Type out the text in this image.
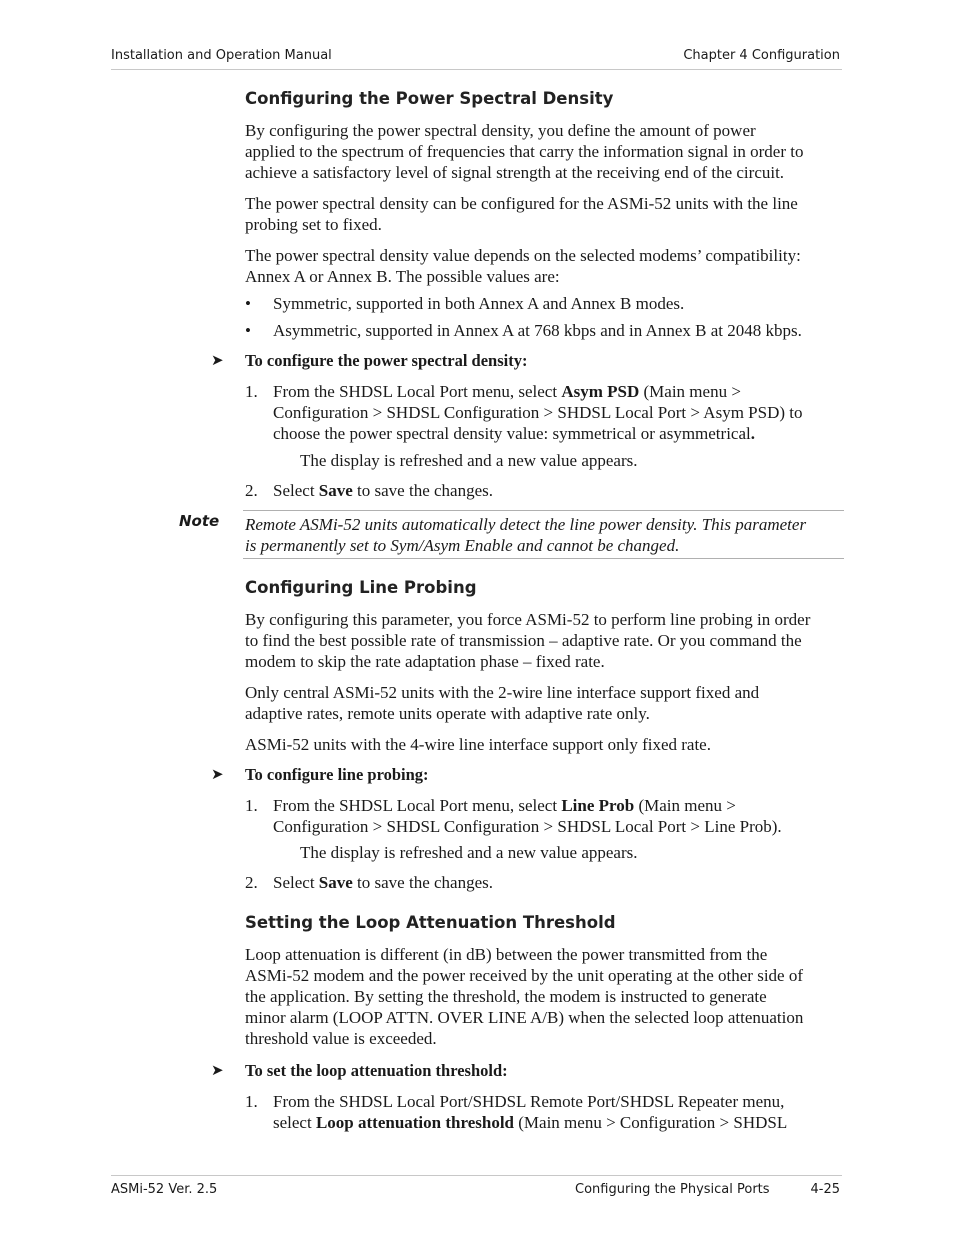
Installation and Operation Manual	Chapter 4 Configuration
Configuring the Power Spectral Density
By configuring the power spectral density, you define the amount of power
applied to the spectrum of frequencies that carry the information signal in order to
achieve a satisfactory level of signal strength at the receiving end of the circuit.
The power spectral density can be configured for the ASMi-52 units with the line
probing set to fixed.
The power spectral density value depends on the selected modems’ compatibility:
Annex A or Annex B. The possible values are:
• Symmetric, supported in both Annex A and Annex B modes.
• Asymmetric, supported in Annex A at 768 kbps and in Annex B at 2048 kbps.
➤ To configure the power spectral density:
1. From the SHDSL Local Port menu, select Asym PSD (Main menu >
Configuration > SHDSL Configuration > SHDSL Local Port > Asym PSD) to
choose the power spectral density value: symmetrical or asymmetrical.
The display is refreshed and a new value appears.
2. Select Save to save the changes.
Note Remote ASMi-52 units automatically detect the line power density. This parameter
is permanently set to Sym/Asym Enable and cannot be changed.
Configuring Line Probing
By configuring this parameter, you force ASMi-52 to perform line probing in order
to find the best possible rate of transmission – adaptive rate. Or you command the
modem to skip the rate adaptation phase – fixed rate.
Only central ASMi-52 units with the 2-wire line interface support fixed and
adaptive rates, remote units operate with adaptive rate only.
ASMi-52 units with the 4-wire line interface support only fixed rate.
➤ To configure line probing:
1. From the SHDSL Local Port menu, select Line Prob (Main menu >
Configuration > SHDSL Configuration > SHDSL Local Port > Line Prob).
The display is refreshed and a new value appears.
2. Select Save to save the changes.
Setting the Loop Attenuation Threshold
Loop attenuation is different (in dB) between the power transmitted from the
ASMi-52 modem and the power received by the unit operating at the other side of
the application. By setting the threshold, the modem is instructed to generate
minor alarm (LOOP ATTN. OVER LINE A/B) when the selected loop attenuation
threshold value is exceeded.
➤ To set the loop attenuation threshold:
1. From the SHDSL Local Port/SHDSL Remote Port/SHDSL Repeater menu,
select Loop attenuation threshold (Main menu > Configuration > SHDSL
ASMi-52 Ver. 2.5	Configuring the Physical Ports	4-25
